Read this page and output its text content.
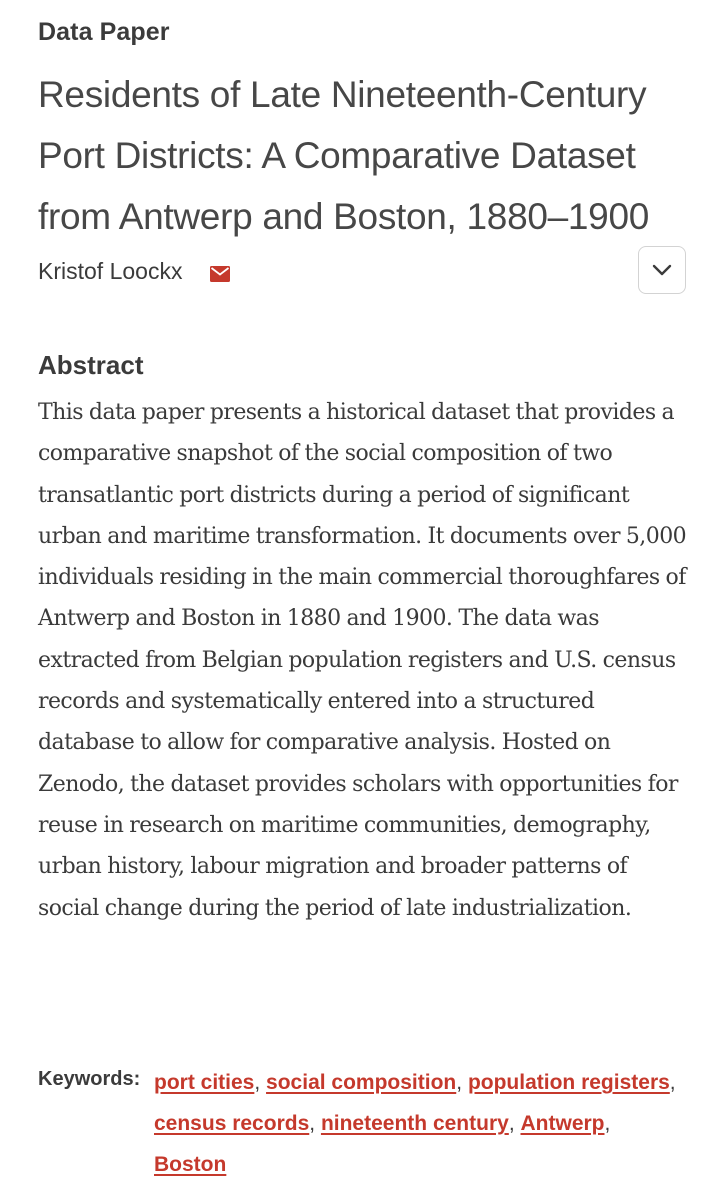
Data Paper
Residents of Late Nineteenth-Century Port Districts: A Comparative Dataset from Antwerp and Boston, 1880–1900
Kristof Loockx
Abstract

This data paper presents a historical dataset that provides a comparative snapshot of the social composition of two transatlantic port districts during a period of significant urban and maritime transformation. It documents over 5,000 individuals residing in the main commercial thoroughfares of Antwerp and Boston in 1880 and 1900. The data was extracted from Belgian population registers and U.S. census records and systematically entered into a structured database to allow for comparative analysis. Hosted on Zenodo, the dataset provides scholars with opportunities for reuse in research on maritime communities, demography, urban history, labour migration and broader patterns of social change during the period of late industrialization.

Keywords: port cities, social composition, population registers, census records, nineteenth century, Antwerp, Boston
